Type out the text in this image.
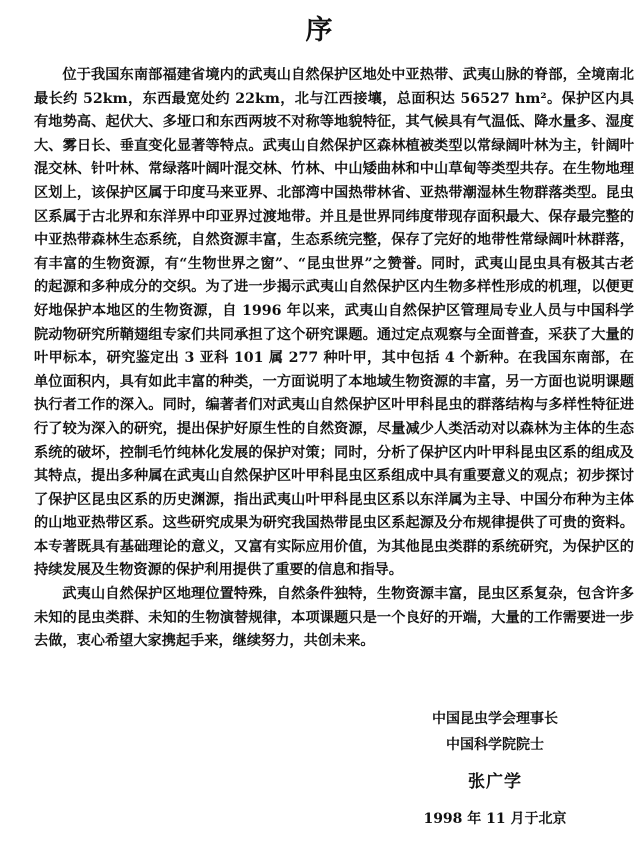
序

位于我国东南部福建省境内的武夷山自然保护区地处中亚热带、武夷山脉的脊部，全境南北最长约 52km，东西最宽处约 22km，北与江西接壤，总面积达 56527 hm²。保护区内具有地势高、起伏大、多垭口和东西两坡不对称等地貌特征，其气候具有气温低、降水量多、湿度大、雾日长、垂直变化显著等特点。武夷山自然保护区森林植被类型以常绿阔叶林为主，针阔叶混交林、针叶林、常绿落叶阔叶混交林、竹林、中山矮曲林和中山草甸等类型共存。在生物地理区划上，该保护区属于印度马来亚界、北部湾中国热带林省、亚热带潮湿林生物群落类型。昆虫区系属于古北界和东洋界中印亚界过渡地带。并且是世界同纬度带现存面积最大、保存最完整的中亚热带森林生态系统，自然资源丰富，生态系统完整，保存了完好的地带性常绿阔叶林群落，有丰富的生物资源，有“生物世界之窗”、“昆虫世界”之赞誉。同时，武夷山昆虫具有极其古老的起源和多种成分的交织。为了进一步揭示武夷山自然保护区内生物多样性形成的机理，以便更好地保护本地区的生物资源，自 1996 年以来，武夷山自然保护区管理局专业人员与中国科学院动物研究所鞘翅组专家们共同承担了这个研究课题。通过定点观察与全面普查，采获了大量的叶甲标本，研究鉴定出 3 亚科 101 属 277 种叶甲，其中包括 4 个新种。在我国东南部，在单位面积内，具有如此丰富的种类，一方面说明了本地域生物资源的丰富，另一方面也说明课题执行者工作的深入。同时，编著者们对武夷山自然保护区叶甲科昆虫的群落结构与多样性特征进行了较为深入的研究，提出保护好原生性的自然资源，尽量减少人类活动对以森林为主体的生态系统的破坏，控制毛竹纯林化发展的保护对策；同时，分析了保护区内叶甲科昆虫区系的组成及其特点，提出多种属在武夷山自然保护区叶甲科昆虫区系组成中具有重要意义的观点；初步探讨了保护区昆虫区系的历史渊源，指出武夷山叶甲科昆虫区系以东洋属为主导、中国分布种为主体的山地亚热带区系。这些研究成果为研究我国热带昆虫区系起源及分布规律提供了可贵的资料。本专著既具有基础理论的意义，又富有实际应用价值，为其他昆虫类群的系统研究，为保护区的持续发展及生物资源的保护利用提供了重要的信息和指导。

武夷山自然保护区地理位置特殊，自然条件独特，生物资源丰富，昆虫区系复杂，包含许多未知的昆虫类群、未知的生物演替规律，本项课题只是一个良好的开端，大量的工作需要进一步去做，衷心希望大家携起手来，继续努力，共创未来。

中国昆虫学会理事长
中国科学院院士
张广学
1998 年 11 月于北京
